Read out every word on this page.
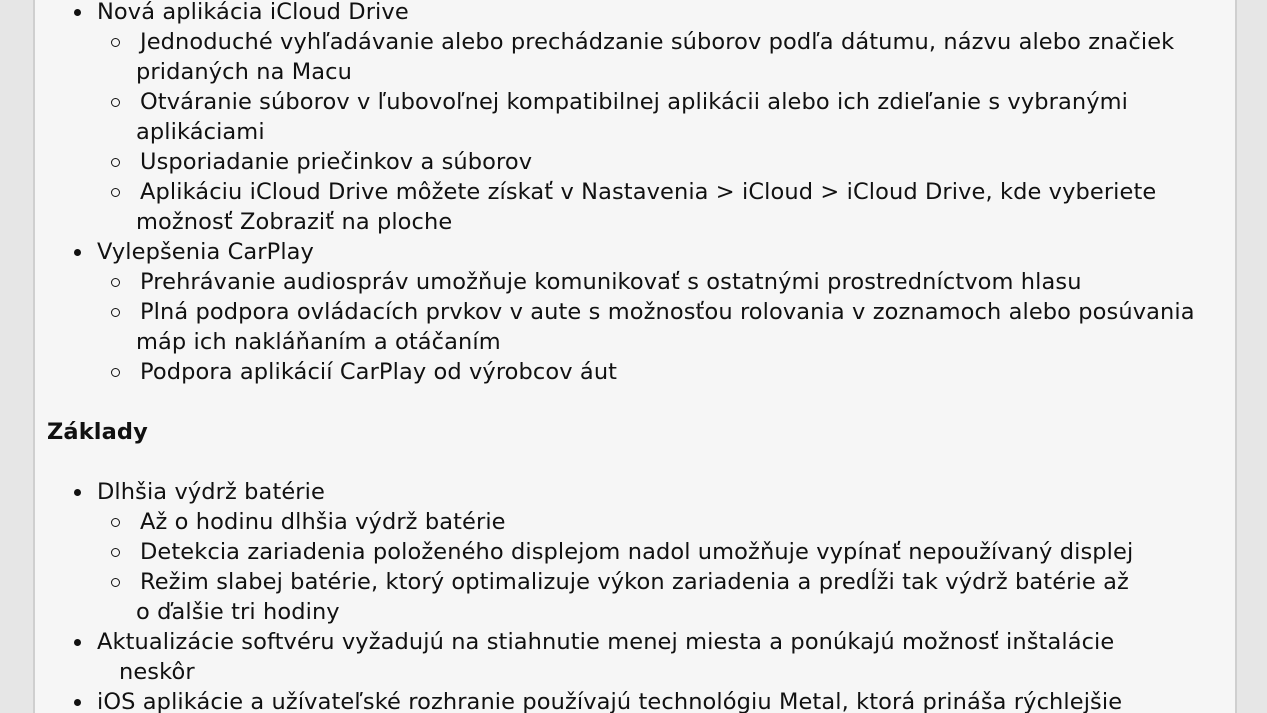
Nová aplikácia iCloud Drive
Jednoduché vyhľadávanie alebo prechádzanie súborov podľa dátumu, názvu alebo značiek
pridaných na Macu
Otváranie súborov v ľubovoľnej kompatibilnej aplikácii alebo ich zdieľanie s vybranými
aplikáciami
Usporiadanie priečinkov a súborov
Aplikáciu iCloud Drive môžete získať v Nastavenia > iCloud > iCloud Drive, kde vyberiete
možnosť Zobraziť na ploche
Vylepšenia CarPlay
Prehrávanie audiospráv umožňuje komunikovať s ostatnými prostredníctvom hlasu
Plná podpora ovládacích prvkov v aute s možnosťou rolovania v zoznamoch alebo posúvania
máp ich nakláňaním a otáčaním
Podpora aplikácií CarPlay od výrobcov áut
Základy
Dlhšia výdrž batérie
Až o hodinu dlhšia výdrž batérie
Detekcia zariadenia položeného displejom nadol umožňuje vypínať nepoužívaný displej
Režim slabej batérie, ktorý optimalizuje výkon zariadenia a predĺži tak výdrž batérie až
o ďalšie tri hodiny
Aktualizácie softvéru vyžadujú na stiahnutie menej miesta a ponúkajú možnosť inštalácie
neskôr
iOS aplikácie a užívateľské rozhranie používajú technológiu Metal, ktorá prináša rýchlejšie
